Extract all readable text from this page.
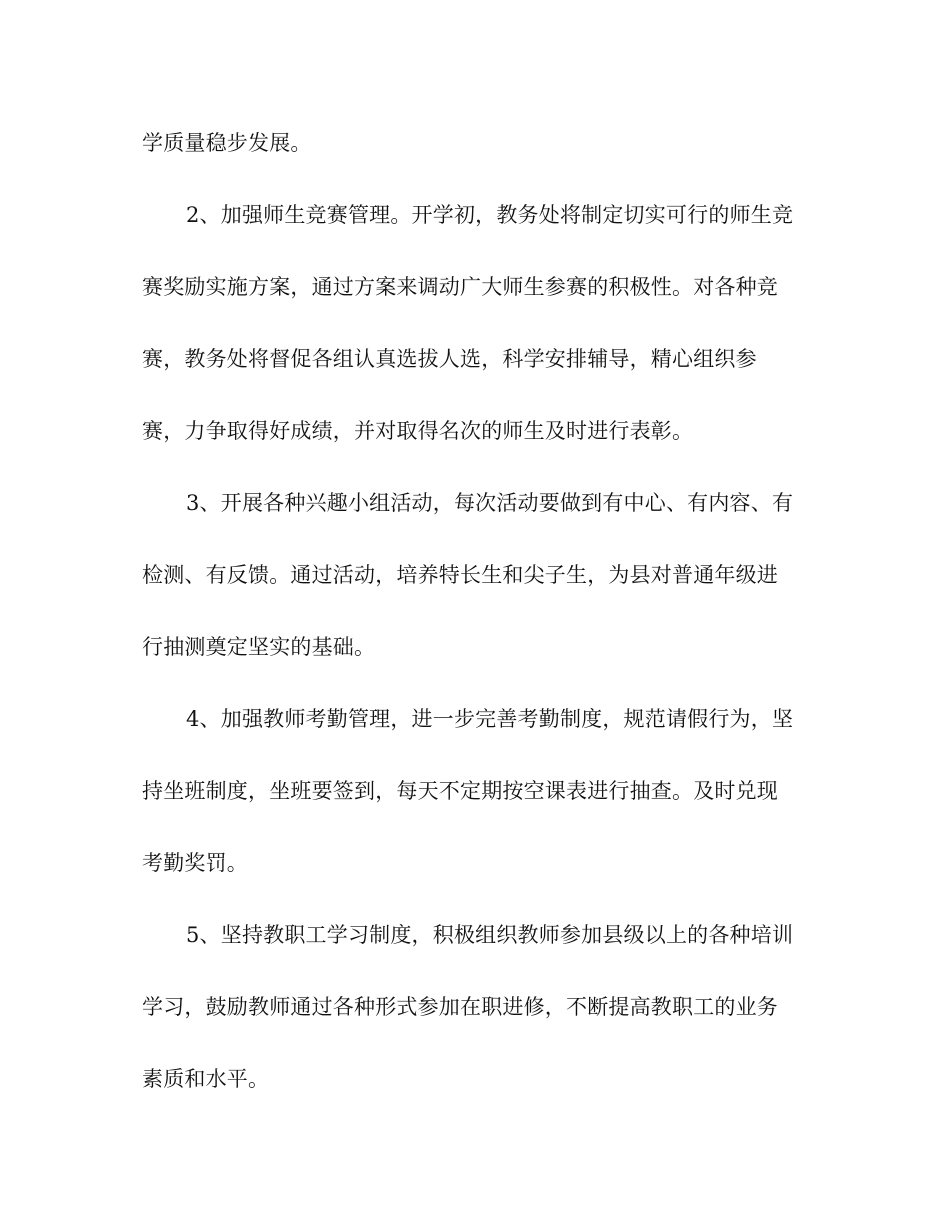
学质量稳步发展。
2、加强师生竞赛管理。开学初，教务处将制定切实可行的师生竞
赛奖励实施方案，通过方案来调动广大师生参赛的积极性。对各种竞
赛，教务处将督促各组认真选拔人选，科学安排辅导，精心组织参
赛，力争取得好成绩，并对取得名次的师生及时进行表彰。
3、开展各种兴趣小组活动，每次活动要做到有中心、有内容、有
检测、有反馈。通过活动，培养特长生和尖子生，为县对普通年级进
行抽测奠定坚实的基础。
4、加强教师考勤管理，进一步完善考勤制度，规范请假行为，坚
持坐班制度，坐班要签到，每天不定期按空课表进行抽查。及时兑现
考勤奖罚。
5、坚持教职工学习制度，积极组织教师参加县级以上的各种培训
学习，鼓励教师通过各种形式参加在职进修，不断提高教职工的业务
素质和水平。
